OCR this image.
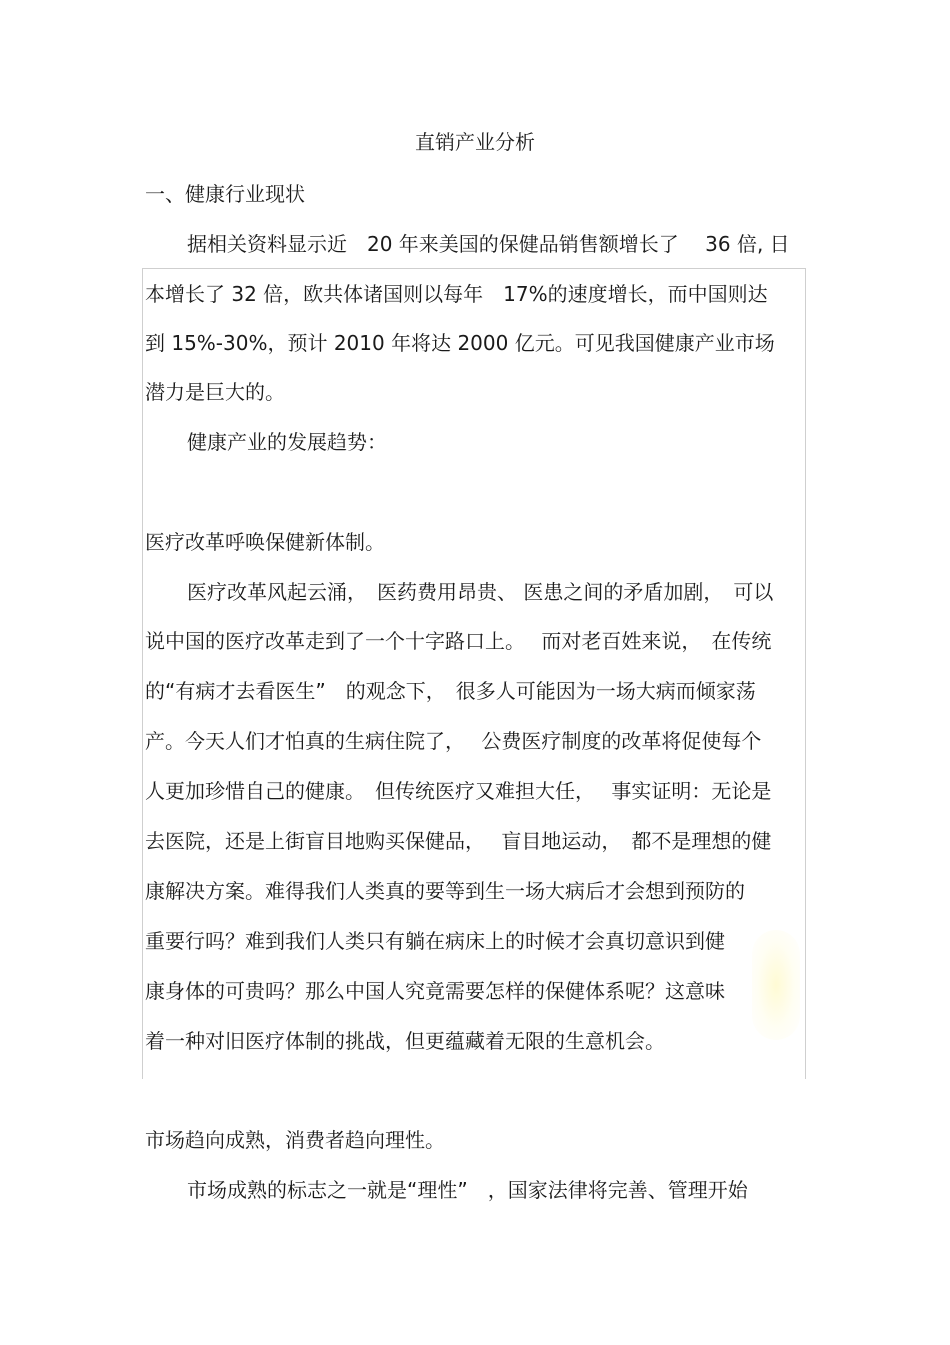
直销产业分析
一、健康行业现状
据相关资料显示近　20 年来美国的保健品销售额增长了　 36 倍, 日
本增长了 32 倍，欧共体诸国则以每年　17%的速度增长，而中国则达
到 15%-30%，预计 2010 年将达 2000 亿元。可见我国健康产业市场
潜力是巨大的。
健康产业的发展趋势：
医疗改革呼唤保健新体制。
医疗改革风起云涌，　医药费用昂贵、 医患之间的矛盾加剧，　可以
说中国的医疗改革走到了一个十字路口上。　 而对老百姓来说，　在传统
的“有病才去看医生”　的观念下，　很多人可能因为一场大病而倾家荡
产。今天人们才怕真的生病住院了，　 公费医疗制度的改革将促使每个
人更加珍惜自己的健康。　但传统医疗又难担大任，　 事实证明：无论是
去医院，还是上街盲目地购买保健品，　 盲目地运动，　都不是理想的健
康解决方案。难得我们人类真的要等到生一场大病后才会想到预防的
重要行吗？难到我们人类只有躺在病床上的时候才会真切意识到健
康身体的可贵吗？那么中国人究竟需要怎样的保健体系呢？这意味
着一种对旧医疗体制的挑战，但更蕴藏着无限的生意机会。
市场趋向成熟，消费者趋向理性。
市场成熟的标志之一就是“理性”　，国家法律将完善、管理开始
